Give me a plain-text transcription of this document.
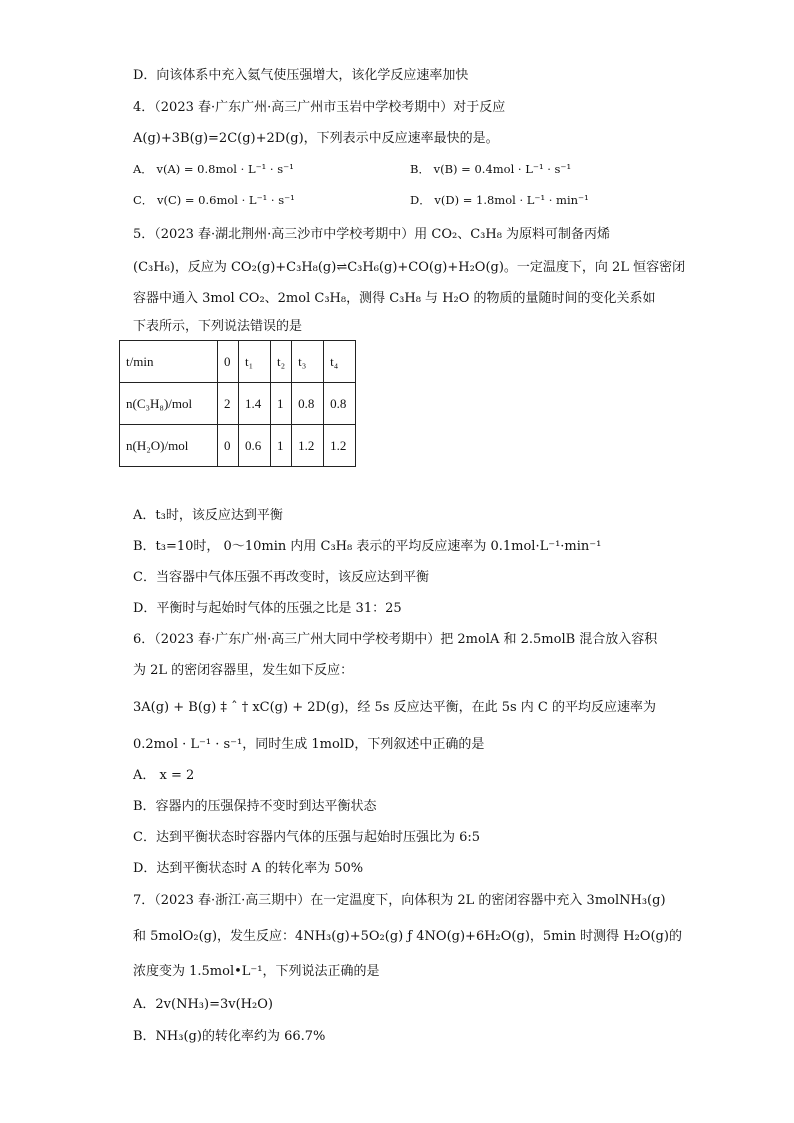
D．向该体系中充入氦气使压强增大，该化学反应速率加快
4．（2023 春·广东广州·高三广州市玉岩中学校考期中）对于反应
A(g)+3B(g)=2C(g)+2D(g)，下列表示中反应速率最快的是。
A． v(A) = 0.8mol · L⁻¹ · s⁻¹	B． v(B) = 0.4mol · L⁻¹ · s⁻¹
C． v(C) = 0.6mol · L⁻¹ · s⁻¹	D． v(D) = 1.8mol · L⁻¹ · min⁻¹
5．（2023 春·湖北荆州·高三沙市中学校考期中）用 CO₂、C₃H₈ 为原料可制备丙烯
(C₃H₆)，反应为 CO₂(g)+C₃H₈(g)⇌C₃H₆(g)+CO(g)+H₂O(g)。一定温度下，向 2L 恒容密闭
容器中通入 3mol CO₂、2mol C₃H₈，测得 C₃H₈ 与 H₂O 的物质的量随时间的变化关系如
下表所示，下列说法错误的是
t/min	0	t₁	t₂	t₃	t₄
n(C₃H₈)/mol	2	1.4	1	0.8	0.8
n(H₂O)/mol	0	0.6	1	1.2	1.2
A．t₃时，该反应达到平衡
B．t₃=10时， 0～10min 内用 C₃H₈ 表示的平均反应速率为 0.1mol·L⁻¹·min⁻¹
C．当容器中气体压强不再改变时，该反应达到平衡
D．平衡时与起始时气体的压强之比是 31：25
6．（2023 春·广东广州·高三广州大同中学校考期中）把 2molA 和 2.5molB 混合放入容积
为 2L 的密闭容器里，发生如下反应：
3A(g) + B(g) ‡ ˆ † xC(g) + 2D(g)，经 5s 反应达平衡，在此 5s 内 C 的平均反应速率为
0.2mol · L⁻¹ · s⁻¹，同时生成 1molD，下列叙述中正确的是
A． x = 2
B．容器内的压强保持不变时到达平衡状态
C．达到平衡状态时容器内气体的压强与起始时压强比为 6:5
D．达到平衡状态时 A 的转化率为 50%
7．（2023 春·浙江·高三期中）在一定温度下，向体积为 2L 的密闭容器中充入 3molNH₃(g)
和 5molO₂(g)，发生反应：4NH₃(g)+5O₂(g) ƒ 4NO(g)+6H₂O(g)，5min 时测得 H₂O(g)的
浓度变为 1.5mol•L⁻¹，下列说法正确的是
A．2v(NH₃)=3v(H₂O)
B．NH₃(g)的转化率约为 66.7%
